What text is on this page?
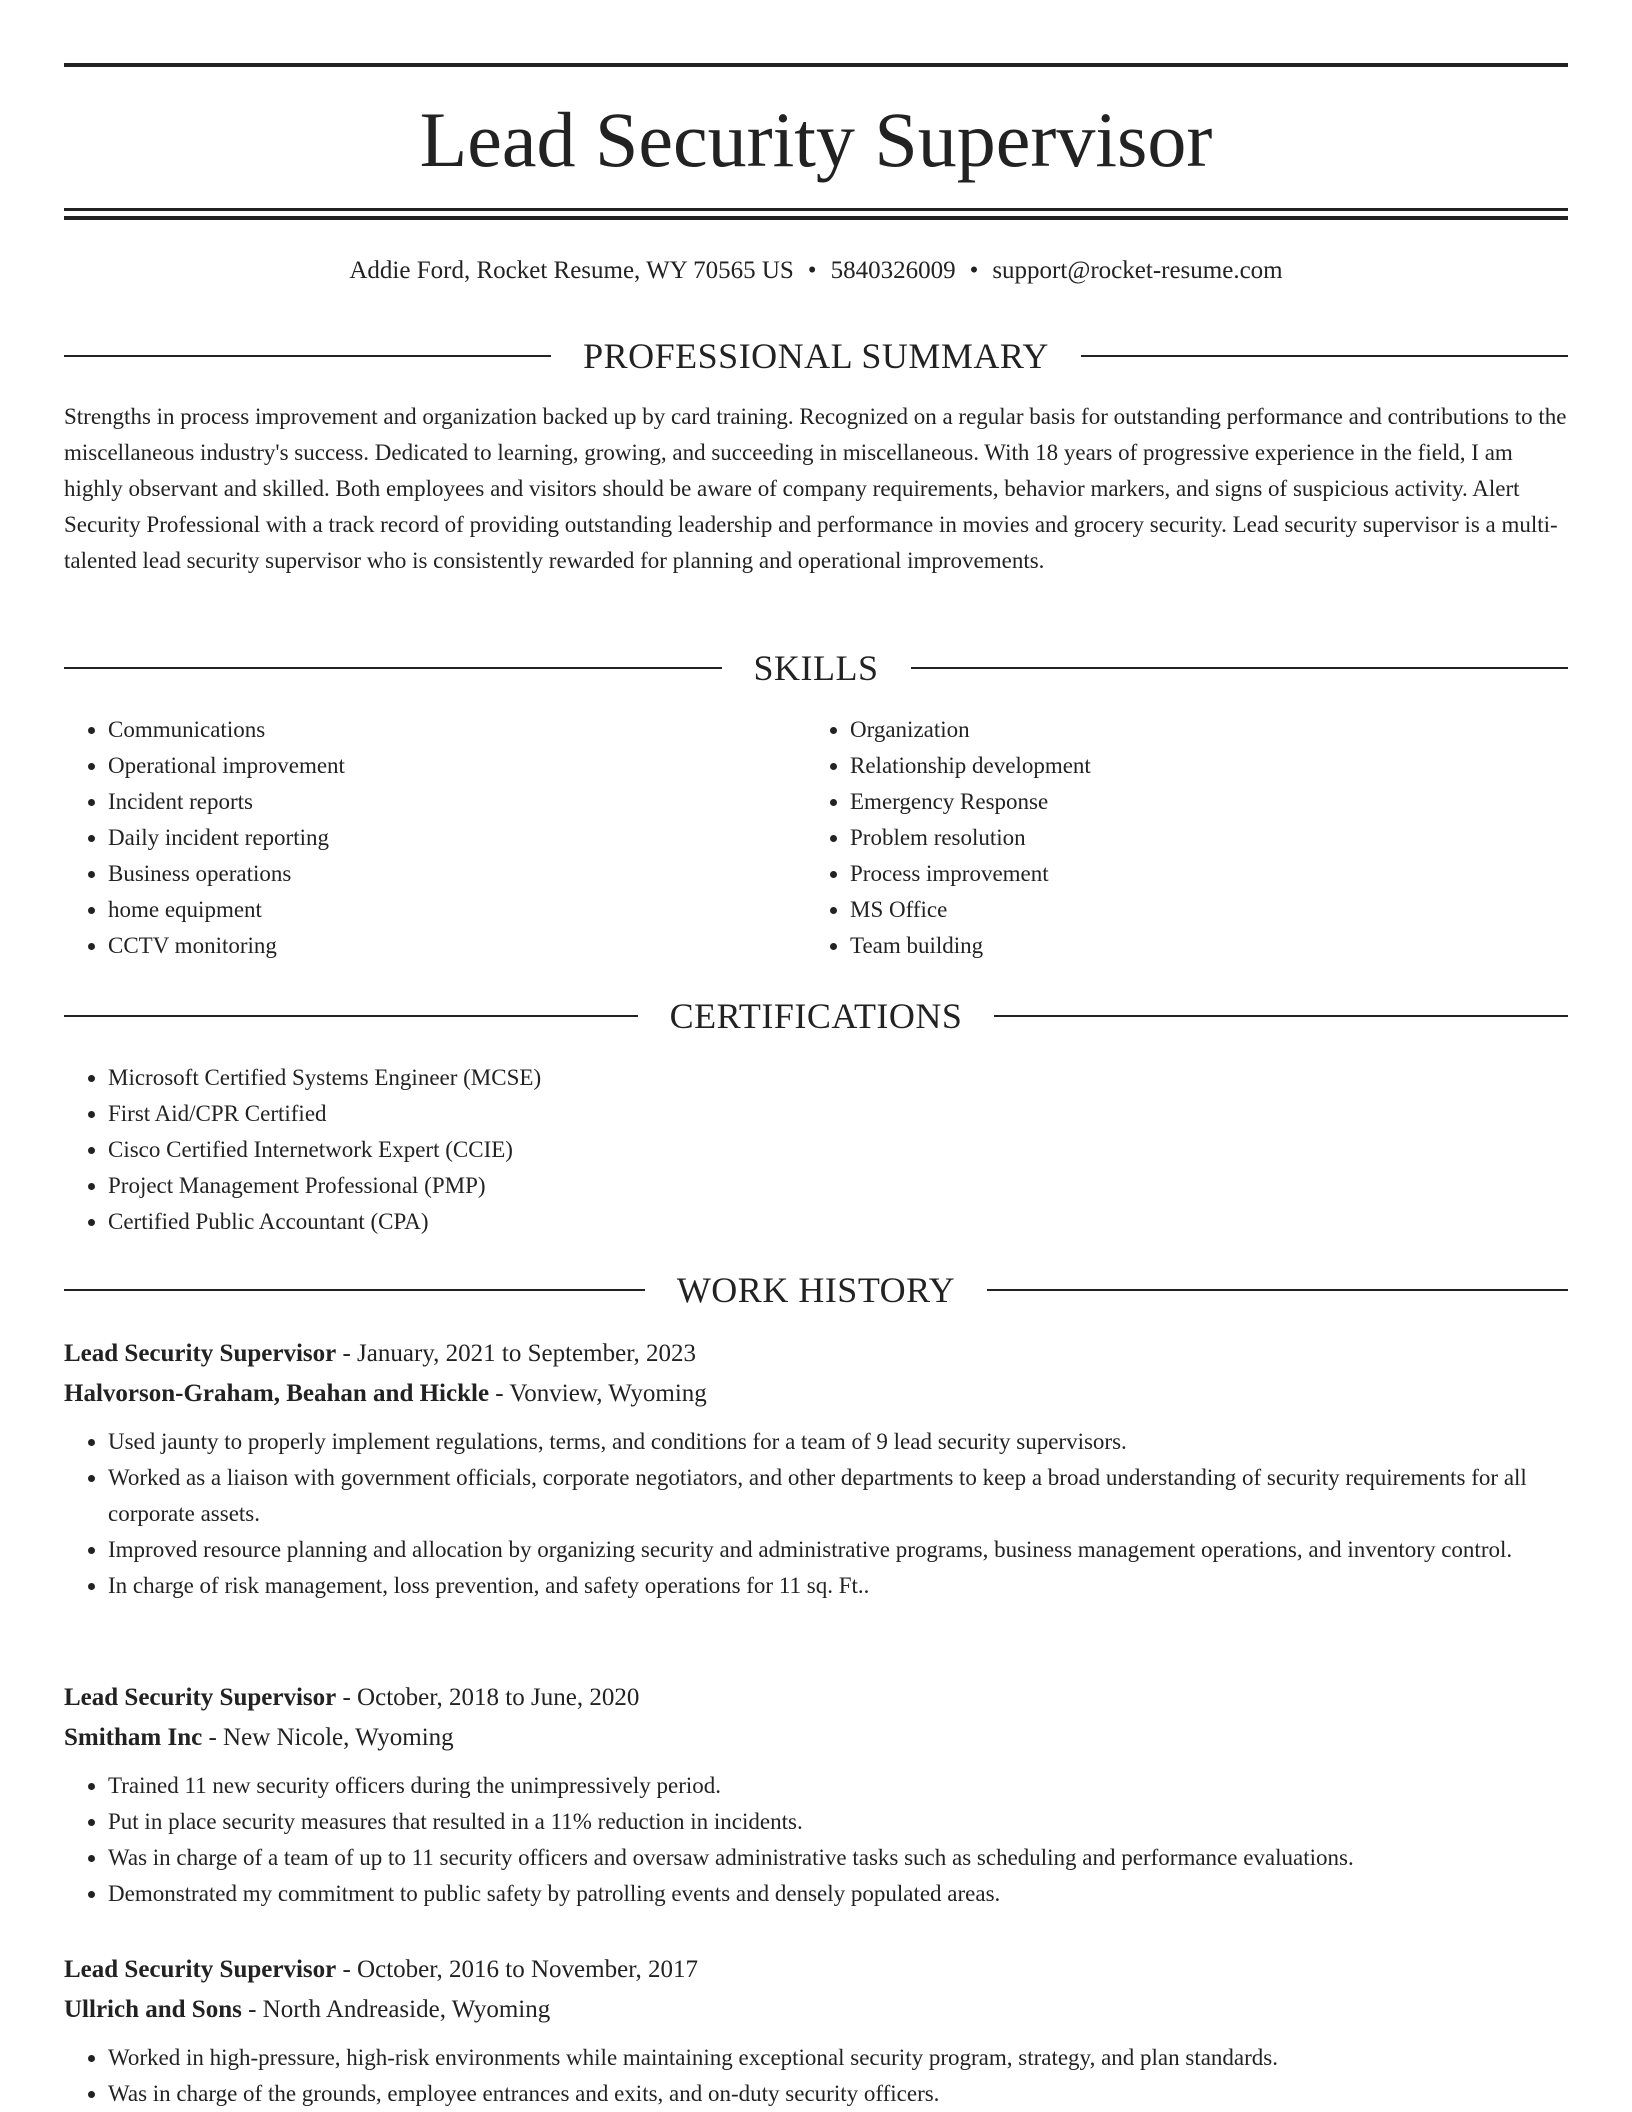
Lead Security Supervisor
Addie Ford, Rocket Resume, WY 70565 US • 5840326009 • support@rocket-resume.com
PROFESSIONAL SUMMARY

Strengths in process improvement and organization backed up by card training. Recognized on a regular basis for outstanding performance and contributions to the miscellaneous industry's success. Dedicated to learning, growing, and succeeding in miscellaneous. With 18 years of progressive experience in the field, I am highly observant and skilled. Both employees and visitors should be aware of company requirements, behavior markers, and signs of suspicious activity. Alert Security Professional with a track record of providing outstanding leadership and performance in movies and grocery security. Lead security supervisor is a multi-talented lead security supervisor who is consistently rewarded for planning and operational improvements.

SKILLS
• Communications
• Operational improvement
• Incident reports
• Daily incident reporting
• Business operations
• home equipment
• CCTV monitoring
• Organization
• Relationship development
• Emergency Response
• Problem resolution
• Process improvement
• MS Office
• Team building
CERTIFICATIONS
• Microsoft Certified Systems Engineer (MCSE)
• First Aid/CPR Certified
• Cisco Certified Internetwork Expert (CCIE)
• Project Management Professional (PMP)
• Certified Public Accountant (CPA)
WORK HISTORY
Lead Security Supervisor - January, 2021 to September, 2023
Halvorson-Graham, Beahan and Hickle - Vonview, Wyoming
• Used jaunty to properly implement regulations, terms, and conditions for a team of 9 lead security supervisors.
• Worked as a liaison with government officials, corporate negotiators, and other departments to keep a broad understanding of security requirements for all corporate assets.
• Improved resource planning and allocation by organizing security and administrative programs, business management operations, and inventory control.
• In charge of risk management, loss prevention, and safety operations for 11 sq. Ft..
Lead Security Supervisor - October, 2018 to June, 2020
Smitham Inc - New Nicole, Wyoming
• Trained 11 new security officers during the unimpressively period.
• Put in place security measures that resulted in a 11% reduction in incidents.
• Was in charge of a team of up to 11 security officers and oversaw administrative tasks such as scheduling and performance evaluations.
• Demonstrated my commitment to public safety by patrolling events and densely populated areas.
Lead Security Supervisor - October, 2016 to November, 2017
Ullrich and Sons - North Andreaside, Wyoming
• Worked in high-pressure, high-risk environments while maintaining exceptional security program, strategy, and plan standards.
• Was in charge of the grounds, employee entrances and exits, and on-duty security officers.
